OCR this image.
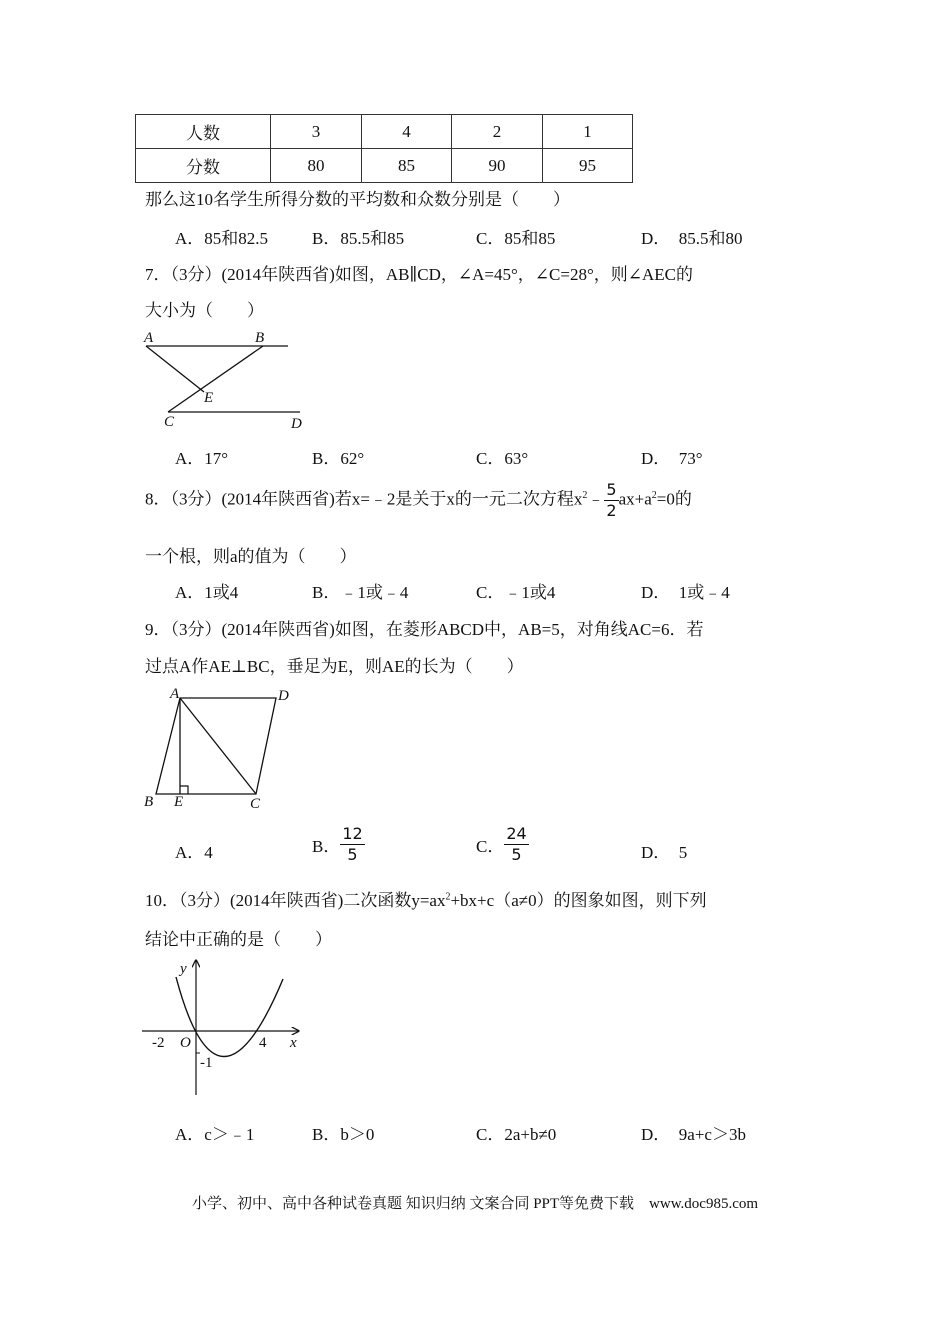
人数	3	4	2	1
分数	80	85	90	95
那么这10名学生所得分数的平均数和众数分别是（　　）
A．85和82.5	B．85.5和85	C．85和85	D．　85.5和80
7．（3分）(2014年陕西省)如图，AB∥CD，∠A=45°，∠C=28°，则∠AEC的
大小为（　　）
A	B
E
C	D
A．17°	B．62°	C．63°	D．　73°
8．（3分）(2014年陕西省)若x=﹣2是关于x的一元二次方程$x^2﹣ \frac{5}{2} ax+a^2=0$的
一个根，则a的值为（　　）
A．1或4	B．﹣1或﹣4	C．﹣1或4	D．　1或﹣4
9．（3分）(2014年陕西省)如图，在菱形ABCD中，AB=5，对角线AC=6．若
过点A作AE⊥BC，垂足为E，则AE的长为（　　）
A	D
B E	C
A．4	B． $\frac{12}{5}$	C． $\frac{24}{5}$	D．　5
10．（3分）(2014年陕西省)二次函数$y=ax^2+bx+c(a\ne 0)$的图象如图，则下列
结论中正确的是（　　）
y
x
O
-2	4
-1
A．c＞﹣1	B．b＞0	C．2a+b≠0	D．　9a+c＞3b
小学、初中、高中各种试卷真题 知识归纳 文案合同 PPT等免费下载　www.doc985.com
